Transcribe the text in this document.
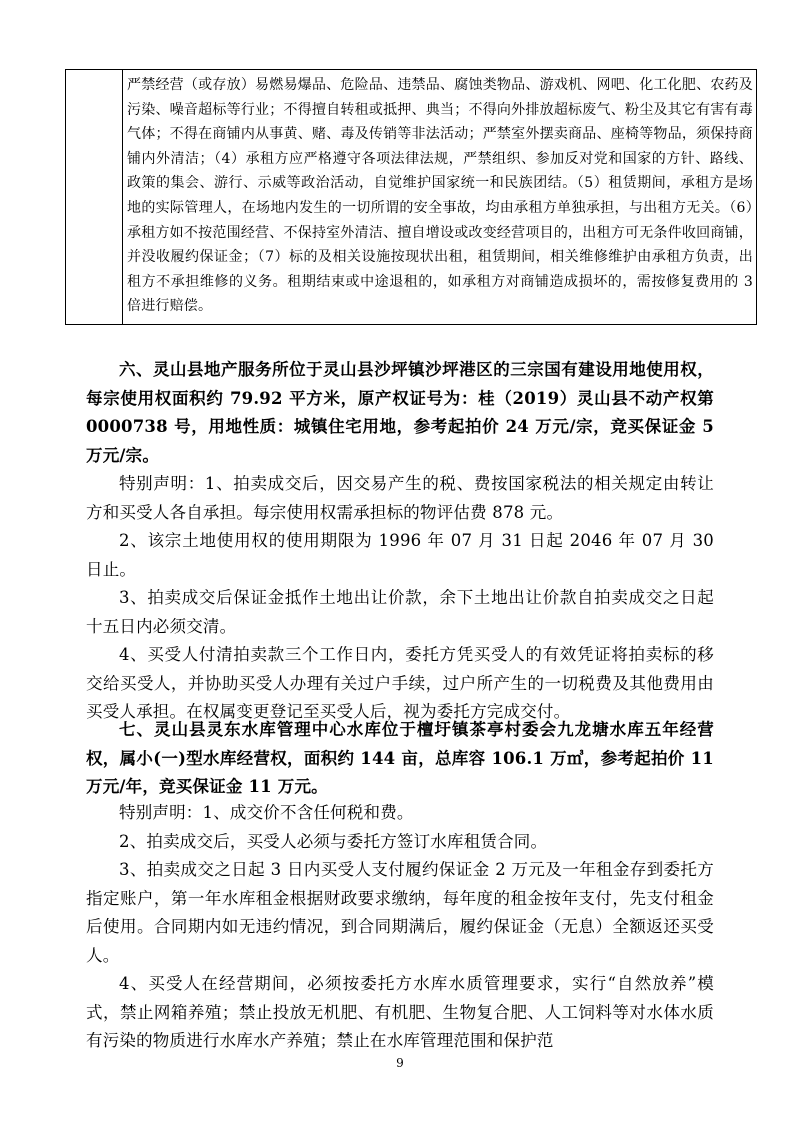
严禁经营（或存放）易燃易爆品、危险品、违禁品、腐蚀类物品、游戏机、网吧、化工化肥、农药及污染、噪音超标等行业；不得擅自转租或抵押、典当；不得向外排放超标废气、粉尘及其它有害有毒气体；不得在商铺内从事黄、赌、毒及传销等非法活动；严禁室外摆卖商品、座椅等物品，须保持商铺内外清洁；（4）承租方应严格遵守各项法律法规，严禁组织、参加反对党和国家的方针、路线、政策的集会、游行、示威等政治活动，自觉维护国家统一和民族团结。（5）租赁期间，承租方是场地的实际管理人，在场地内发生的一切所谓的安全事故，均由承租方单独承担，与出租方无关。（6）承租方如不按范围经营、不保持室外清洁、擅自增设或改变经营项目的，出租方可无条件收回商铺，并没收履约保证金；（7）标的及相关设施按现状出租，租赁期间，相关维修维护由承租方负责，出租方不承担维修的义务。租期结束或中途退租的，如承租方对商铺造成损坏的，需按修复费用的 3 倍进行赔偿。
六、灵山县地产服务所位于灵山县沙坪镇沙坪港区的三宗国有建设用地使用权，每宗使用权面积约 79.92 平方米，原产权证号为：桂（2019）灵山县不动产权第 0000738 号，用地性质：城镇住宅用地，参考起拍价 24 万元/宗，竞买保证金 5 万元/宗。

特别声明：1、拍卖成交后，因交易产生的税、费按国家税法的相关规定由转让方和买受人各自承担。每宗使用权需承担标的物评估费 878 元。

2、该宗土地使用权的使用期限为 1996 年 07 月 31 日起 2046 年 07 月 30 日止。

3、拍卖成交后保证金抵作土地出让价款，余下土地出让价款自拍卖成交之日起十五日内必须交清。

4、买受人付清拍卖款三个工作日内，委托方凭买受人的有效凭证将拍卖标的移交给买受人，并协助买受人办理有关过户手续，过户所产生的一切税费及其他费用由买受人承担。在权属变更登记至买受人后，视为委托方完成交付。

七、灵山县灵东水库管理中心水库位于檀圩镇茶亭村委会九龙塘水库五年经营权，属小(一)型水库经营权，面积约 144 亩，总库容 106.1 万㎥，参考起拍价 11 万元/年，竞买保证金 11 万元。

特别声明：1、成交价不含任何税和费。

2、拍卖成交后，买受人必须与委托方签订水库租赁合同。

3、拍卖成交之日起 3 日内买受人支付履约保证金 2 万元及一年租金存到委托方指定账户，第一年水库租金根据财政要求缴纳，每年度的租金按年支付，先支付租金后使用。合同期内如无违约情况，到合同期满后，履约保证金（无息）全额返还买受人。

4、买受人在经营期间，必须按委托方水库水质管理要求，实行“自然放养”模式，禁止网箱养殖；禁止投放无机肥、有机肥、生物复合肥、人工饲料等对水体水质有污染的物质进行水库水产养殖；禁止在水库管理范围和保护范

9
